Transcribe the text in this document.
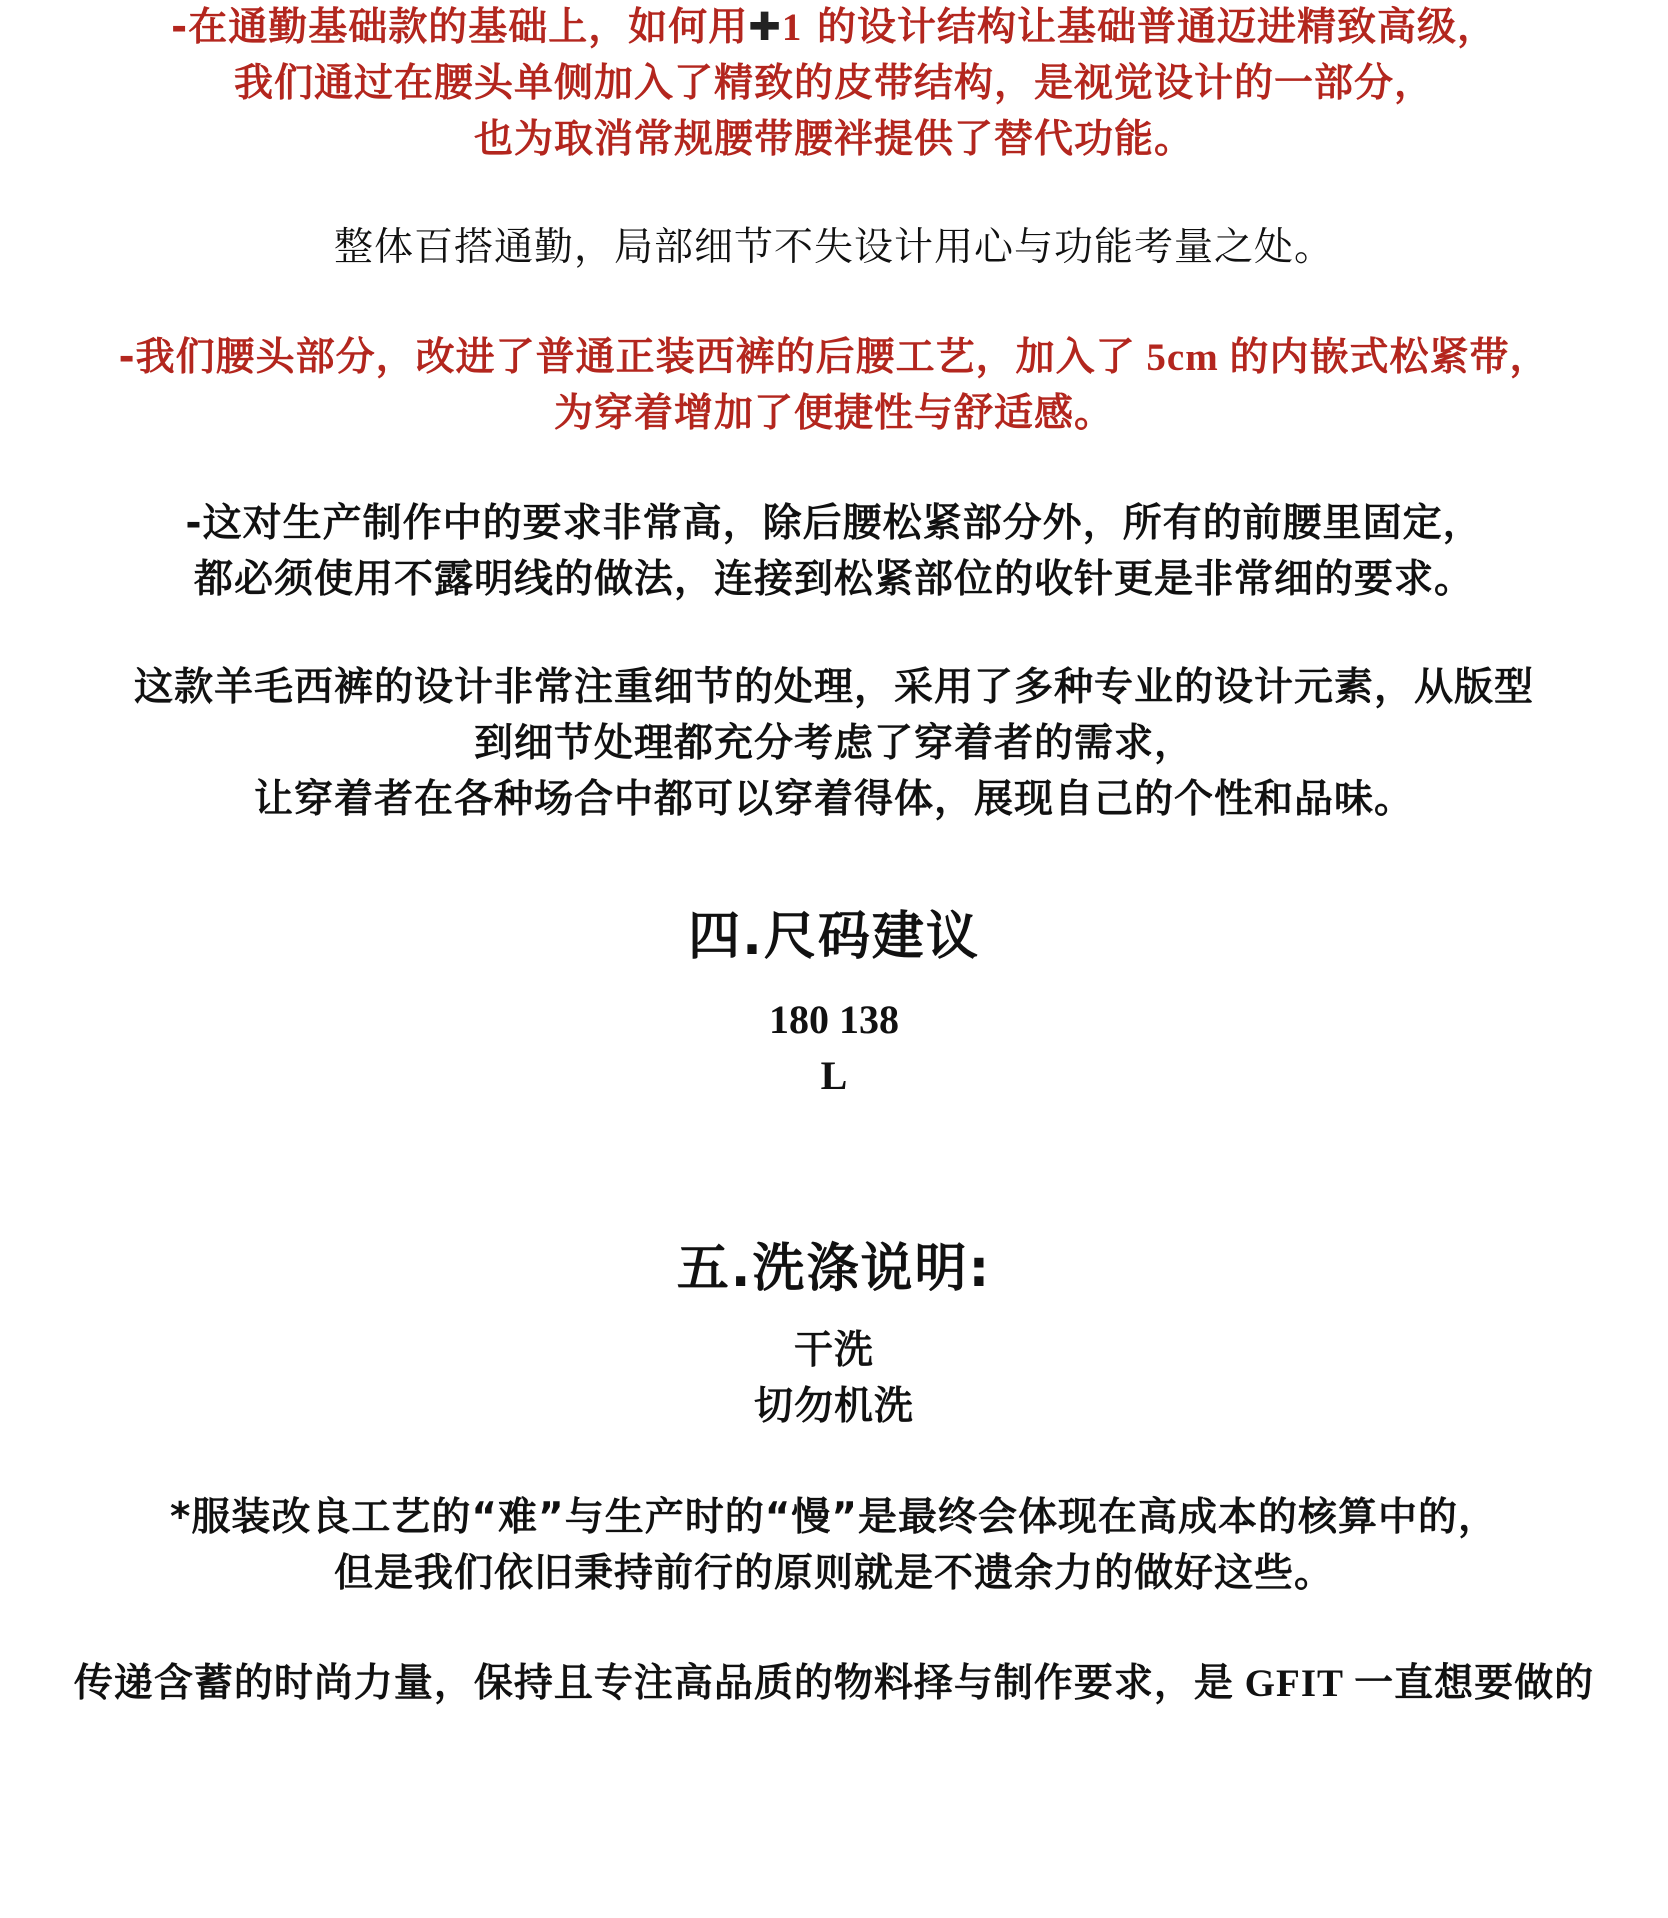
-在通勤基础款的基础上，如何用✚1 的设计结构让基础普通迈进精致高级，
我们通过在腰头单侧加入了精致的皮带结构，是视觉设计的一部分，
也为取消常规腰带腰袢提供了替代功能。
整体百搭通勤，局部细节不失设计用心与功能考量之处。
-我们腰头部分，改进了普通正装西裤的后腰工艺，加入了 5cm 的内嵌式松紧带，
为穿着增加了便捷性与舒适感。
-这对生产制作中的要求非常高，除后腰松紧部分外，所有的前腰里固定，
都必须使用不露明线的做法，连接到松紧部位的收针更是非常细的要求。
这款羊毛西裤的设计非常注重细节的处理，采用了多种专业的设计元素，从版型
到细节处理都充分考虑了穿着者的需求，
让穿着者在各种场合中都可以穿着得体，展现自己的个性和品味。
四.尺码建议
180 138
L
五.洗涤说明:
干洗
切勿机洗
*服装改良工艺的“难”与生产时的“慢”是最终会体现在高成本的核算中的，
但是我们依旧秉持前行的原则就是不遗余力的做好这些。
传递含蓄的时尚力量，保持且专注高品质的物料择与制作要求，是 GFIT 一直想要做的
